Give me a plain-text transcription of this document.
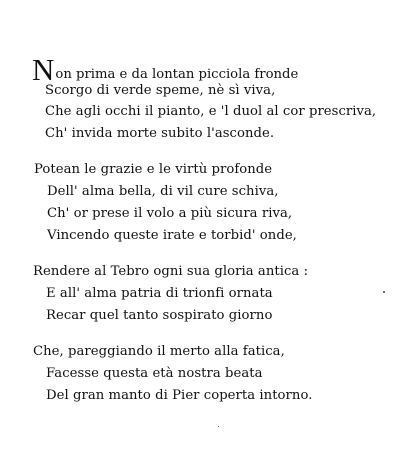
Non prima e da lontan picciola fronde
Scorgo di verde speme, nè sì viva,
Che agli occhi il pianto, e 'l duol al cor prescriva,
Ch' invida morte subito l'asconde.
Potean le grazie e le virtù profonde
Dell' alma bella, di vil cure schiva,
Ch' or prese il volo a più sicura riva,
Vincendo queste irate e torbid' onde,
Rendere al Tebro ogni sua gloria antica :
E all' alma patria di trionfi ornata
Recar quel tanto sospirato giorno
Che, pareggiando il merto alla fatica,
Facesse questa età nostra beata
Del gran manto di Pier coperta intorno.
